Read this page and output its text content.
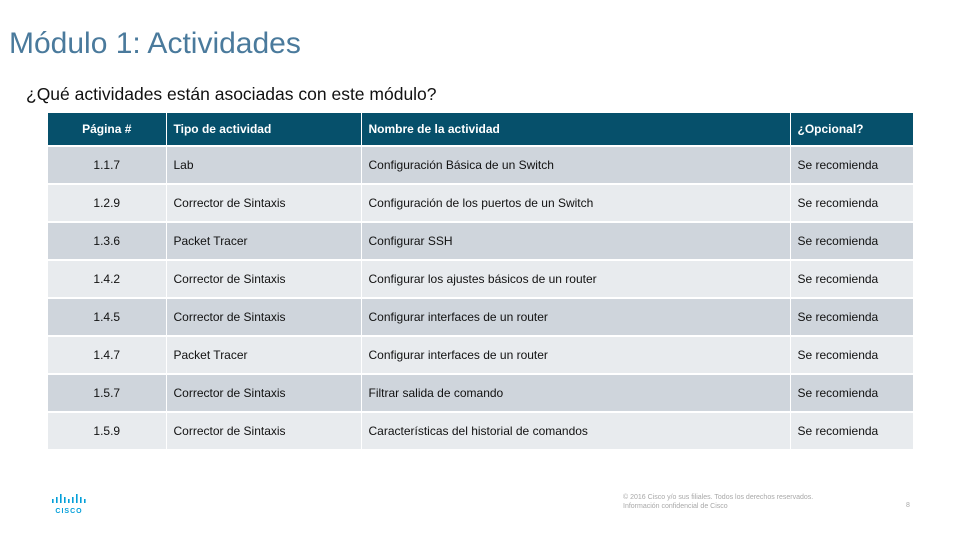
Módulo 1: Actividades

¿Qué actividades están asociadas con este módulo?

Página #	Tipo de actividad	Nombre de la actividad	¿Opcional?
1.1.7	Lab	Configuración Básica de un Switch	Se recomienda
1.2.9	Corrector de Sintaxis	Configuración de los puertos de un Switch	Se recomienda
1.3.6	Packet Tracer	Configurar SSH	Se recomienda
1.4.2	Corrector de Sintaxis	Configurar los ajustes básicos de un router	Se recomienda
1.4.5	Corrector de Sintaxis	Configurar interfaces de un router	Se recomienda
1.4.7	Packet Tracer	Configurar interfaces de un router	Se recomienda
1.5.7	Corrector de Sintaxis	Filtrar salida de comando	Se recomienda
1.5.9	Corrector de Sintaxis	Características del historial de comandos	Se recomienda
CISCO
© 2016 Cisco y/o sus filiales. Todos los derechos reservados.
Información confidencial de Cisco	8
